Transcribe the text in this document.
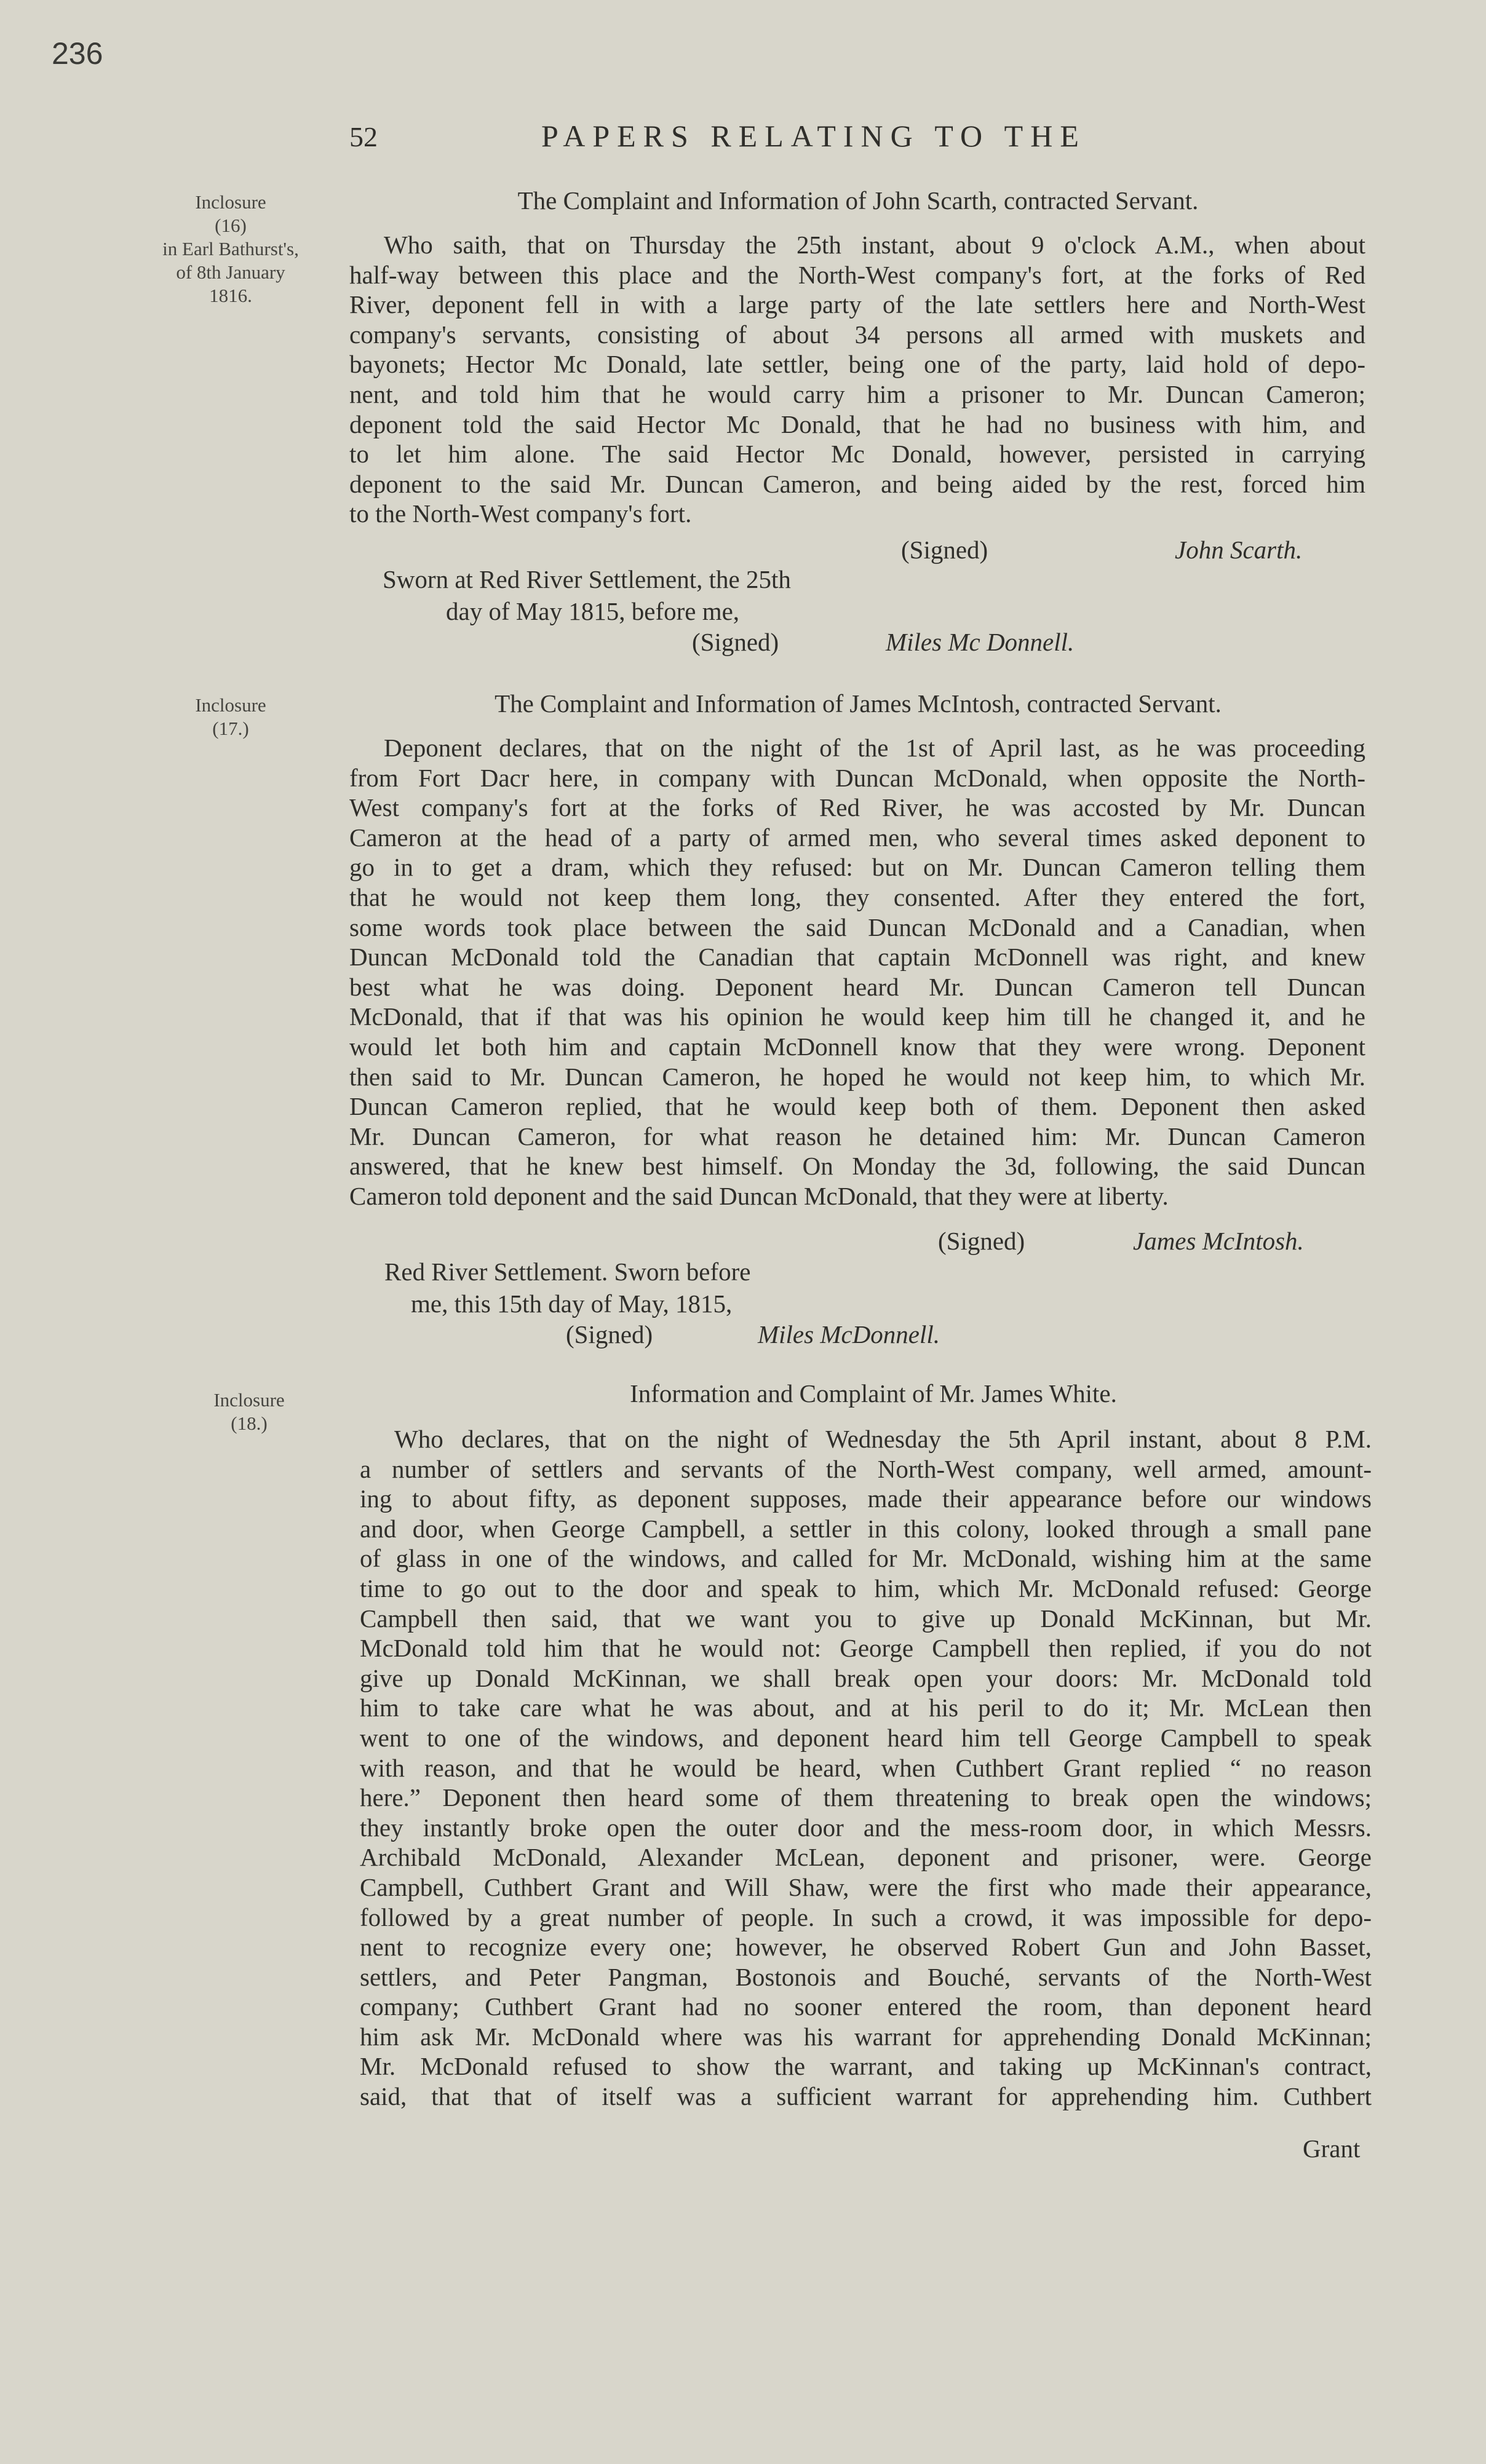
236
52	PAPERS RELATING TO THE
Inclosure
(16)
in Earl Bathurst's,
of 8th January
1816.
The Complaint and Information of John Scarth, contracted Servant.
Who saith, that on Thursday the 25th instant, about 9 o'clock A.M., when about
half-way between this place and the North-West company's fort, at the forks of Red
River, deponent fell in with a large party of the late settlers here and North-West
company's servants, consisting of about 34 persons all armed with muskets and
bayonets; Hector Mc Donald, late settler, being one of the party, laid hold of depo-
nent, and told him that he would carry him a prisoner to Mr. Duncan Cameron;
deponent told the said Hector Mc Donald, that he had no business with him, and
to let him alone. The said Hector Mc Donald, however, persisted in carrying
deponent to the said Mr. Duncan Cameron, and being aided by the rest, forced him
to the North-West company's fort.
(Signed)	John Scarth.
Sworn at Red River Settlement, the 25th
day of May 1815, before me,
(Signed)	Miles Mc Donnell.
Inclosure
(17.)
The Complaint and Information of James McIntosh, contracted Servant.
Deponent declares, that on the night of the 1st of April last, as he was proceeding
from Fort Dacr here, in company with Duncan McDonald, when opposite the North-
West company's fort at the forks of Red River, he was accosted by Mr. Duncan
Cameron at the head of a party of armed men, who several times asked deponent to
go in to get a dram, which they refused: but on Mr. Duncan Cameron telling them
that he would not keep them long, they consented. After they entered the fort,
some words took place between the said Duncan McDonald and a Canadian, when
Duncan McDonald told the Canadian that captain McDonnell was right, and knew
best what he was doing. Deponent heard Mr. Duncan Cameron tell Duncan
McDonald, that if that was his opinion he would keep him till he changed it, and he
would let both him and captain McDonnell know that they were wrong. Deponent
then said to Mr. Duncan Cameron, he hoped he would not keep him, to which Mr.
Duncan Cameron replied, that he would keep both of them. Deponent then asked
Mr. Duncan Cameron, for what reason he detained him: Mr. Duncan Cameron
answered, that he knew best himself. On Monday the 3d, following, the said Duncan
Cameron told deponent and the said Duncan McDonald, that they were at liberty.
(Signed)	James McIntosh.
Red River Settlement. Sworn before
me, this 15th day of May, 1815,
(Signed)	Miles McDonnell.
Inclosure
(18.)
Information and Complaint of Mr. James White.
Who declares, that on the night of Wednesday the 5th April instant, about 8 P.M.
a number of settlers and servants of the North-West company, well armed, amount-
ing to about fifty, as deponent supposes, made their appearance before our windows
and door, when George Campbell, a settler in this colony, looked through a small pane
of glass in one of the windows, and called for Mr. McDonald, wishing him at the same
time to go out to the door and speak to him, which Mr. McDonald refused: George
Campbell then said, that we want you to give up Donald McKinnan, but Mr.
McDonald told him that he would not: George Campbell then replied, if you do not
give up Donald McKinnan, we shall break open your doors: Mr. McDonald told
him to take care what he was about, and at his peril to do it; Mr. McLean then
went to one of the windows, and deponent heard him tell George Campbell to speak
with reason, and that he would be heard, when Cuthbert Grant replied “ no reason
here.” Deponent then heard some of them threatening to break open the windows;
they instantly broke open the outer door and the mess-room door, in which Messrs.
Archibald McDonald, Alexander McLean, deponent and prisoner, were. George
Campbell, Cuthbert Grant and Will Shaw, were the first who made their appearance,
followed by a great number of people. In such a crowd, it was impossible for depo-
nent to recognize every one; however, he observed Robert Gun and John Basset,
settlers, and Peter Pangman, Bostonois and Bouché, servants of the North-West
company; Cuthbert Grant had no sooner entered the room, than deponent heard
him ask Mr. McDonald where was his warrant for apprehending Donald McKinnan;
Mr. McDonald refused to show the warrant, and taking up McKinnan's contract,
said, that that of itself was a sufficient warrant for apprehending him. Cuthbert
Grant
